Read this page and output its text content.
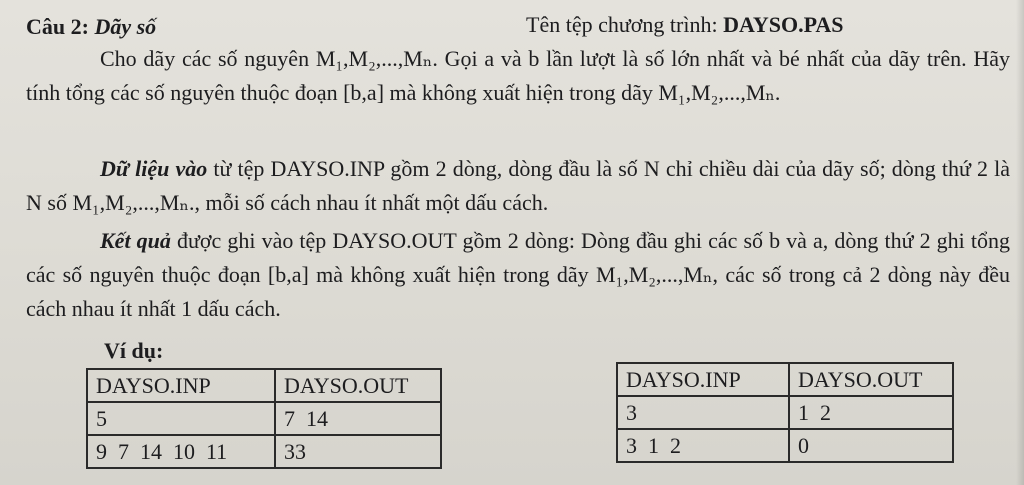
Câu 2: Dãy số	Tên tệp chương trình: DAYSO.PAS
Cho dãy các số nguyên M₁,M₂,...,Mₙ. Gọi a và b lần lượt là số lớn nhất và bé nhất của dãy trên. Hãy tính tổng các số nguyên thuộc đoạn [b,a] mà không xuất hiện trong dãy M₁,M₂,...,Mₙ.
Dữ liệu vào từ tệp DAYSO.INP gồm 2 dòng, dòng đầu là số N chỉ chiều dài của dãy số; dòng thứ 2 là N số M₁,M₂,...,Mₙ., mỗi số cách nhau ít nhất một dấu cách.
Kết quả được ghi vào tệp DAYSO.OUT gồm 2 dòng: Dòng đầu ghi các số b và a, dòng thứ 2 ghi tổng các số nguyên thuộc đoạn [b,a] mà không xuất hiện trong dãy M₁,M₂,...,Mₙ, các số trong cả 2 dòng này đều cách nhau ít nhất 1 dấu cách.
Ví dụ:
DAYSO.INP	DAYSO.OUT
5	7  14
9  7  14  10  11	33
DAYSO.INP	DAYSO.OUT
3	1  2
3  1  2	0
